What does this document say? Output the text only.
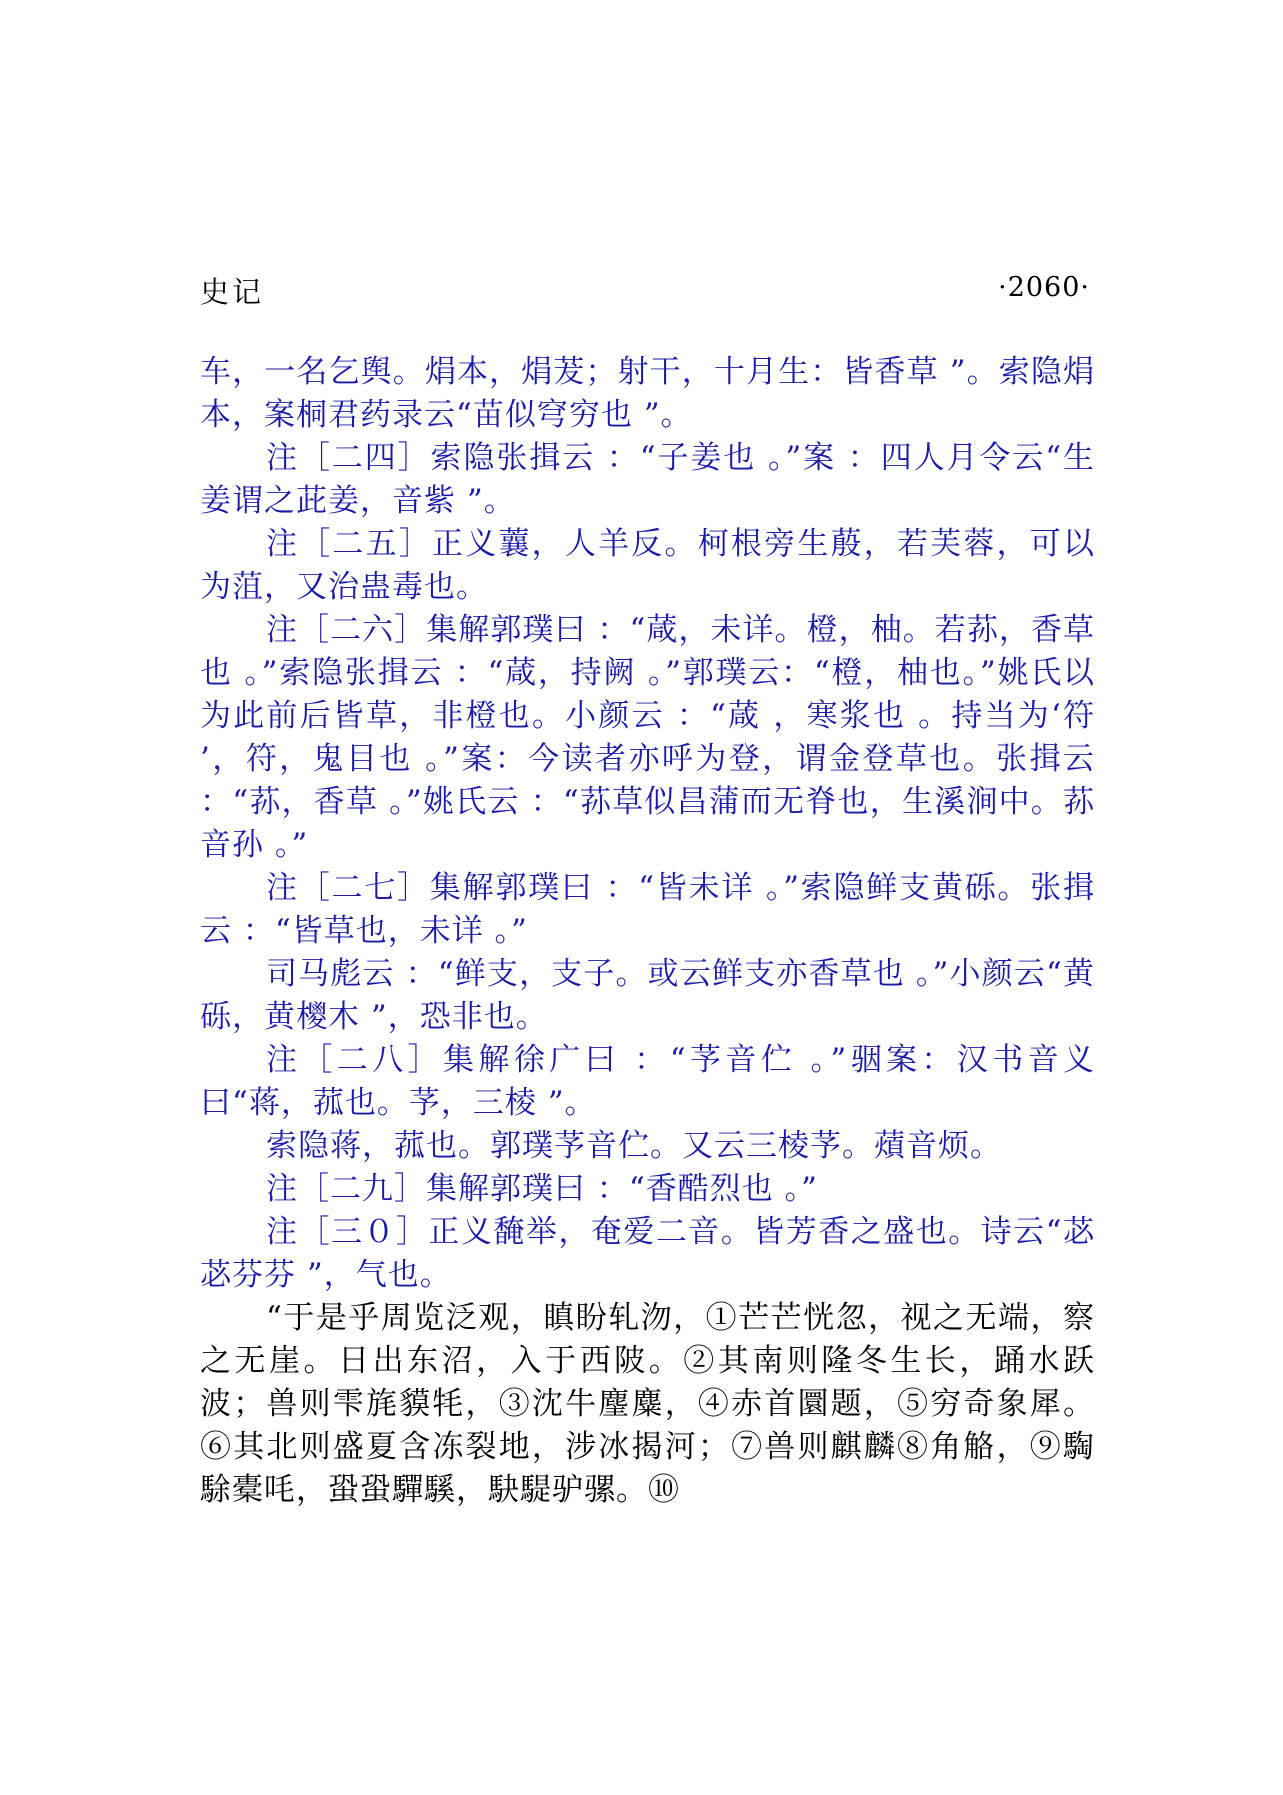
史记	·2060·

车，一名乞舆。焆本，焆茇；射干，十月生：皆香草 ”。索隐焆本，案桐君药录云“苗似穹穷也 ”。

注［二四］索隐张揖云 ：“子姜也 。”案 ：四人月令云“生姜谓之茈姜，音紫 ”。

注［二五］正义蘘，人羊反。柯根旁生蒑，若芙蓉，可以为菹，又治蛊毒也。

注［二六］集解郭璞曰 ：“葴，未详。橙，柚。若荪，香草也 。”索隐张揖云 ：“葴，持阙 。”郭璞云：“橙，柚也。”姚氏以为此前后皆草，非橙也。小颜云 ：“葴 ，寒浆也 。持当为‘符 ’，符，鬼目也 。”案：今读者亦呼为登，谓金登草也。张揖云 ：“荪，香草 。”姚氏云 ：“荪草似昌蒲而无脊也，生溪涧中。荪音孙 。”

注［二七］集解郭璞曰 ：“皆未详 。”索隐鲜支黄砾。张揖云 ：“皆草也，未详 。”

司马彪云 ：“鲜支，支子。或云鲜支亦香草也 。”小颜云“黄砾，黄㯶木 ”，恐非也。

注［二八］集解徐广曰 ：“芧音伫 。”骃案：汉书音义曰“蒋，菰也。芧，三棱 ”。

索隐蒋，菰也。郭璞芧音伫。又云三棱芧。薠音烦。

注［二九］集解郭璞曰 ：“香酷烈也 。”

注［三０］正义馣举，奄爱二音。皆芳香之盛也。诗云“苾苾芬芬 ”，气也。

“于是乎周览泛观，瞋盼轧沕，①芒芒恍忽，视之无端，察之无崖。日出东沼，入于西陂。②其南则隆冬生长，踊水跃波；兽则雫旄貘牦，③沈牛麈麋，④赤首圜题，⑤穷奇象犀。⑥其北则盛夏含冻裂地，涉冰揭河；⑦兽则麒麟⑧角觡，⑨騊駼橐㕰，蛩蛩驒騱，駃騠驴骡。⑩
